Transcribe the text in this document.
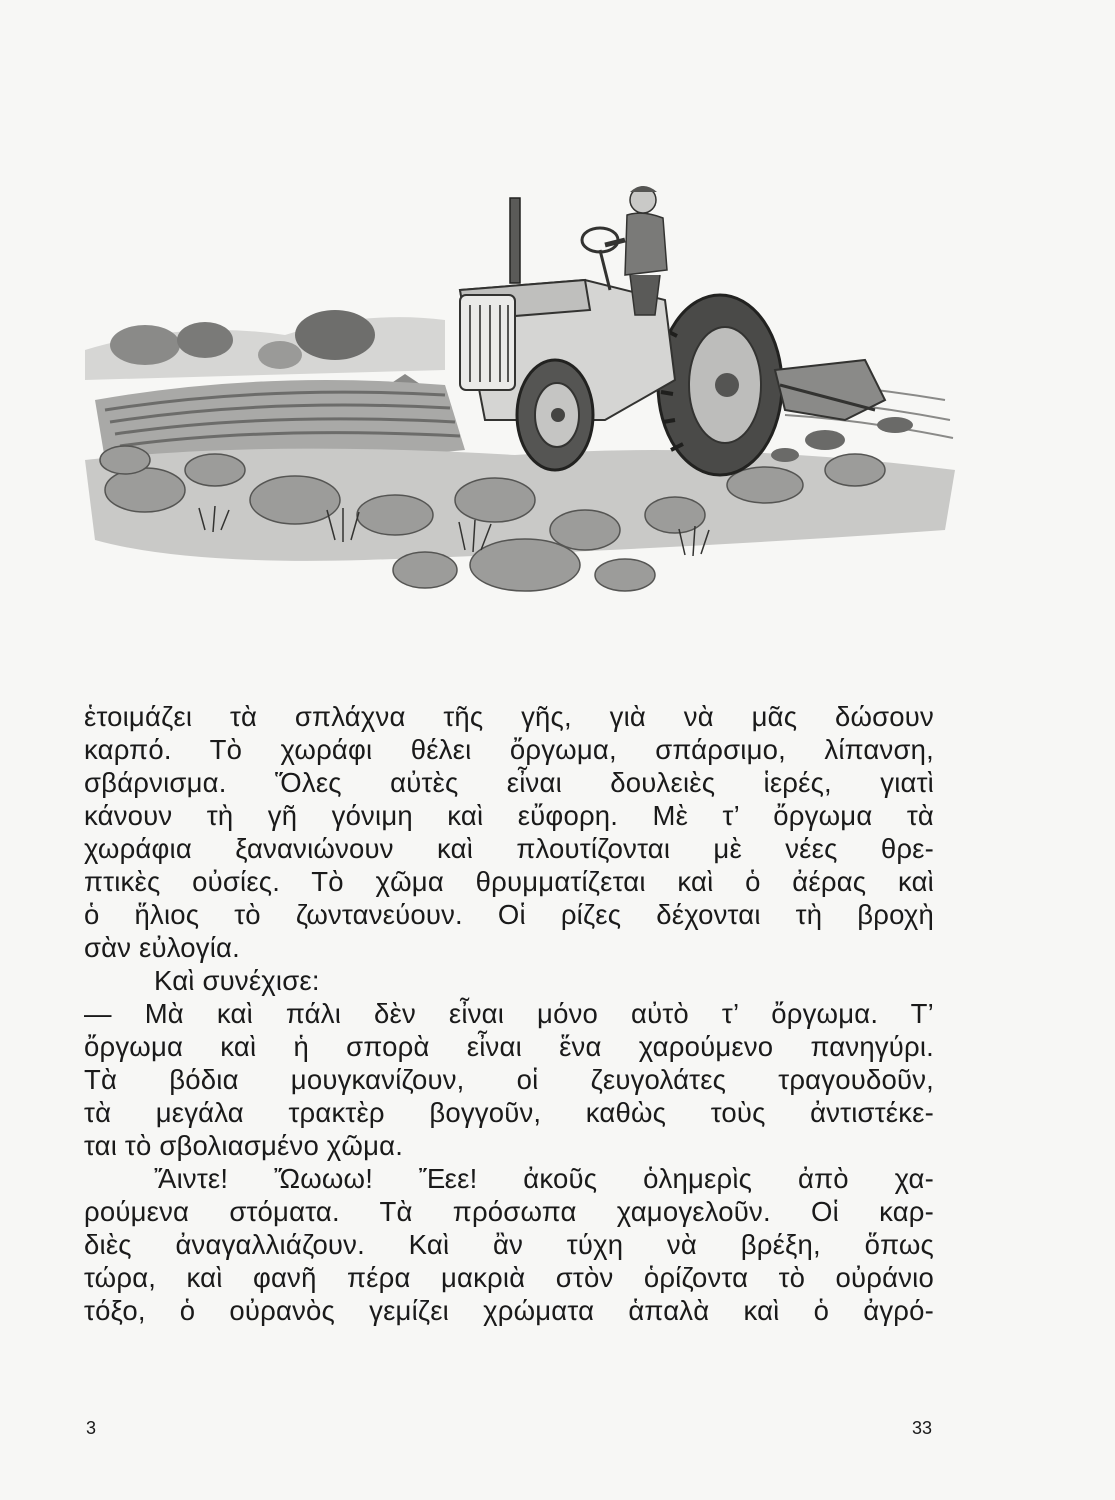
ἑτοιμάζει τὰ σπλάχνα τῆς γῆς, γιὰ νὰ μᾶς δώσουν
καρπό. Τὸ χωράφι θέλει ὄργωμα, σπάρσιμο, λίπανση,
σβάρνισμα. Ὅλες αὐτὲς εἶναι δουλειὲς ἱερές, γιατὶ
κάνουν τὴ γῆ γόνιμη καὶ εὔφορη. Μὲ τ’ ὄργωμα τὰ
χωράφια ξανανιώνουν καὶ πλουτίζονται μὲ νέες θρε-
πτικὲς οὐσίες. Τὸ χῶμα θρυμματίζεται καὶ ὁ ἀέρας καὶ
ὁ ἥλιος τὸ ζωντανεύουν. Οἱ ρίζες δέχονται τὴ βροχὴ
σὰν εὐλογία.
Καὶ συνέχισε:
— Μὰ καὶ πάλι δὲν εἶναι μόνο αὐτὸ τ’ ὄργωμα. Τ’
ὄργωμα καὶ ἡ σπορὰ εἶναι ἕνα χαρούμενο πανηγύρι.
Τὰ βόδια μουγκανίζουν, οἱ ζευγολάτες τραγουδοῦν,
τὰ μεγάλα τρακτὲρ βογγοῦν, καθὼς τοὺς ἀντιστέκε-
ται τὸ σβολιασμένο χῶμα.
Ἄιντε! Ὤωωω! Ἔεε! ἀκοῦς ὁλημερὶς ἀπὸ χα-
ρούμενα στόματα. Τὰ πρόσωπα χαμογελοῦν. Οἱ καρ-
διὲς ἀναγαλλιάζουν. Καὶ ἂν τύχη νὰ βρέξη, ὅπως
τώρα, καὶ φανῆ πέρα μακριὰ στὸν ὁρίζοντα τὸ οὐράνιο
τόξο, ὁ οὐρανὸς γεμίζει χρώματα ἁπαλὰ καὶ ὁ ἀγρό-
3	33
